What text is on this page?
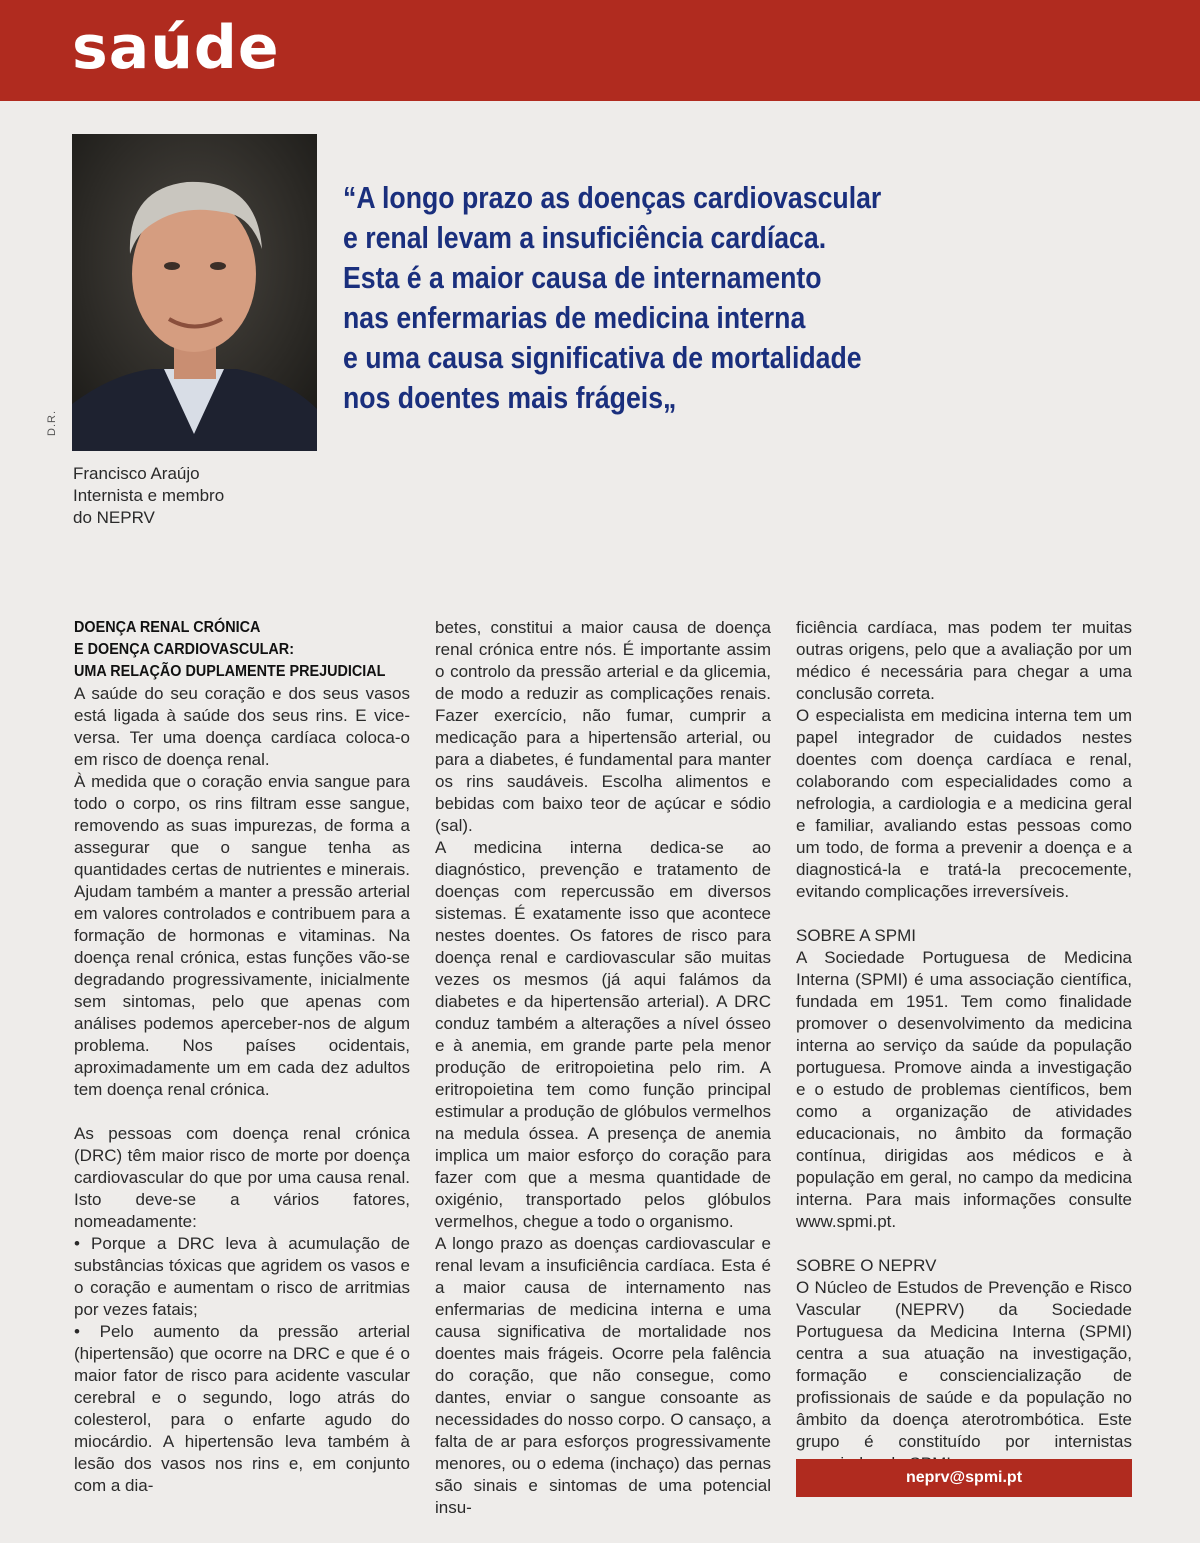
saúde
D.R.
Francisco Araújo
Internista e membro
do NEPRV
“A longo prazo as doenças cardiovascular
e renal levam a insuficiência cardíaca.
Esta é a maior causa de internamento
nas enfermarias de medicina interna
e uma causa significativa de mortalidade
nos doentes mais frágeis„
DOENÇA RENAL CRÓNICA
E DOENÇA CARDIOVASCULAR:
UMA RELAÇÃO DUPLAMENTE PREJUDICIAL

A saúde do seu coração e dos seus vasos está ligada à saúde dos seus rins. E vice-versa. Ter uma doença cardíaca coloca-o em risco de doença renal.

À medida que o coração envia sangue para todo o corpo, os rins filtram esse sangue, removendo as suas impurezas, de forma a assegurar que o sangue tenha as quantidades certas de nutrientes e minerais. Ajudam também a manter a pressão arterial em valores controlados e contribuem para a formação de hormonas e vitaminas. Na doença renal crónica, estas funções vão-se degradando progressivamente, inicialmente sem sintomas, pelo que apenas com análises podemos aperceber-nos de algum problema. Nos países ocidentais, aproximadamente um em cada dez adultos tem doença renal crónica.

As pessoas com doença renal crónica (DRC) têm maior risco de morte por doença cardiovascular do que por uma causa renal. Isto deve-se a vários fatores, nomeadamente:

• Porque a DRC leva à acumulação de substâncias tóxicas que agridem os vasos e o coração e aumentam o risco de arritmias por vezes fatais;

• Pelo aumento da pressão arterial (hipertensão) que ocorre na DRC e que é o maior fator de risco para acidente vascular cerebral e o segundo, logo atrás do colesterol, para o enfarte agudo do miocárdio. A hipertensão leva também à lesão dos vasos nos rins e, em conjunto com a dia-

betes, constitui a maior causa de doença renal crónica entre nós. É importante assim o controlo da pressão arterial e da glicemia, de modo a reduzir as complicações renais. Fazer exercício, não fumar, cumprir a medicação para a hipertensão arterial, ou para a diabetes, é fundamental para manter os rins saudáveis. Escolha alimentos e bebidas com baixo teor de açúcar e sódio (sal).

A medicina interna dedica-se ao diagnóstico, prevenção e tratamento de doenças com repercussão em diversos sistemas. É exatamente isso que acontece nestes doentes. Os fatores de risco para doença renal e cardiovascular são muitas vezes os mesmos (já aqui falámos da diabetes e da hipertensão arterial). A DRC conduz também a alterações a nível ósseo e à anemia, em grande parte pela menor produção de eritropoietina pelo rim. A eritropoietina tem como função principal estimular a produção de glóbulos vermelhos na medula óssea. A presença de anemia implica um maior esforço do coração para fazer com que a mesma quantidade de oxigénio, transportado pelos glóbulos vermelhos, chegue a todo o organismo.

A longo prazo as doenças cardiovascular e renal levam a insuficiência cardíaca. Esta é a maior causa de internamento nas enfermarias de medicina interna e uma causa significativa de mortalidade nos doentes mais frágeis. Ocorre pela falência do coração, que não consegue, como dantes, enviar o sangue consoante as necessidades do nosso corpo. O cansaço, a falta de ar para esforços progressivamente menores, ou o edema (inchaço) das pernas são sinais e sintomas de uma potencial insu-

ficiência cardíaca, mas podem ter muitas outras origens, pelo que a avaliação por um médico é necessária para chegar a uma conclusão correta.

O especialista em medicina interna tem um papel integrador de cuidados nestes doentes com doença cardíaca e renal, colaborando com especialidades como a nefrologia, a cardiologia e a medicina geral e familiar, avaliando estas pessoas como um todo, de forma a prevenir a doença e a diagnosticá-la e tratá-la precocemente, evitando complicações irreversíveis.

SOBRE A SPMI

A Sociedade Portuguesa de Medicina Interna (SPMI) é uma associação científica, fundada em 1951. Tem como finalidade promover o desenvolvimento da medicina interna ao serviço da saúde da população portuguesa. Promove ainda a investigação e o estudo de problemas científicos, bem como a organização de atividades educacionais, no âmbito da formação contínua, dirigidas aos médicos e à população em geral, no campo da medicina interna. Para mais informações consulte www.spmi.pt.

SOBRE O NEPRV

O Núcleo de Estudos de Prevenção e Risco Vascular (NEPRV) da Sociedade Portuguesa da Medicina Interna (SPMI) centra a sua atuação na investigação, formação e consciencialização de profissionais de saúde e da população no âmbito da doença aterotrombótica. Este grupo é constituído por internistas

neprv@spmi.pt
